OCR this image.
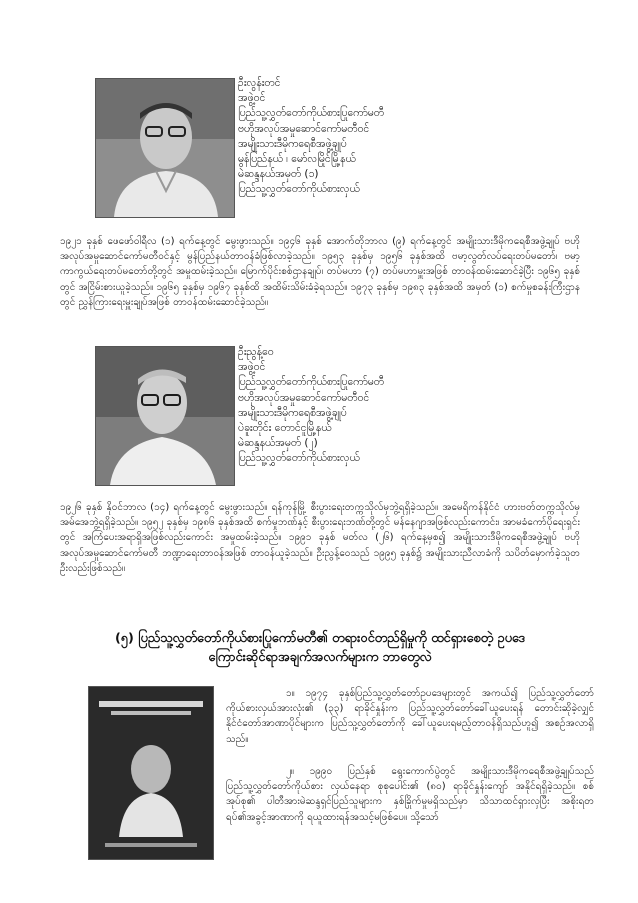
ဦးလွန်းတင်
အဖွဲ့ဝင်
ပြည်သူ့လွှတ်တော်ကိုယ်စားပြုကော်မတီ
ဗဟိုအလုပ်အမှုဆောင်ကော်မတီဝင်
အမျိုးသားဒီမိုကရေစီအဖွဲ့ချုပ်
မွန်ပြည်နယ် ၊ မော်လမြိုင်မြို့နယ်
မဲဆန္ဒနယ်အမှတ် (၁)
ပြည်သူ့လွှတ်တော်ကိုယ်စားလှယ်
၁၉၂၁ ခုနှစ် ဖေဖော်ဝါရီလ (၁) ရက်နေ့တွင် မွေးဖွားသည်။ ၁၉၄၆ ခုနှစ် အောက်တိုဘာလ (၉) ရက်နေ့တွင် အမျိုးသားဒီမိုကရေစီအဖွဲ့ချုပ် ဗဟိုအလုပ်အမှုဆောင်ကော်မတီဝင်နှင့် မွန်ပြည်နယ်တာဝန်ခံဖြစ်လာခဲ့သည်။ ၁၉၅၃ ခုနှစ်မှ ၁၉၅၆ ခုနှစ်အထိ ဗမာ့လွတ်လပ်ရေးတပ်မတော်၊ ဗမာ့ကာကွယ်ရေးတပ်မတော်တို့တွင် အမှုထမ်းခဲ့သည်။ မြောက်ပိုင်းစစ်ဌာနချုပ်၊ တပ်မဟာ (၇) တပ်မဟာမှူးအဖြစ် တာဝန်ထမ်းဆောင်ခဲ့ပြီး ၁၉၆၅ ခုနှစ်တွင် အငြိမ်းစားယူခဲ့သည်။ ၁၉၆၅ ခုနှစ်မှ ၁၉၆၇ ခုနှစ်ထိ အထိမ်းသိမ်းခံခဲ့ရသည်။ ၁၉၇၃ ခုနှစ်မှ ၁၉၈၃ ခုနှစ်အထိ အမှတ် (၁) စက်မှုစခန်းကြီးဌာနတွင် ညွှန်ကြားရေးမှူးချုပ်အဖြစ် တာဝန်ထမ်းဆောင်ခဲ့သည်။
ဦးညွန့်ဝေ
အဖွဲ့ဝင်
ပြည်သူ့လွှတ်တော်ကိုယ်စားပြုကော်မတီ
ဗဟိုအလုပ်အမှုဆောင်ကော်မတီဝင်
အမျိုးသားဒီမိုကရေစီအဖွဲ့ချုပ်
ပဲခူးတိုင်း တောင်ငူမြို့နယ်
မဲဆန္ဒနယ်အမှတ် (၂)
ပြည်သူ့လွှတ်တော်ကိုယ်စားလှယ်
၁၉၂၆ ခုနှစ် နိုဝင်ဘာလ (၁၄) ရက်နေ့တွင် မွေးဖွားသည်။ ရန်ကုန်မြို့ စီးပွားရေးတက္ကသိုလ်မှဘွဲ့ရရှိခဲ့သည်။ အမေရိကန်နိုင်ငံ ဟားဗတ်တက္ကသိုလ်မှ အမ်အေဘွဲ့ရရှိခဲ့သည်။ ၁၉၅၂ ခုနှစ်မှ ၁၉၈၆ ခုနှစ်အထိ စက်မှုဘဏ်နှင့် စီးပွားရေးဘဏ်တို့တွင် မန်နေဂျာအဖြစ်လည်းကောင်း၊ အာမခံကော်ပိုရေးရှင်းတွင် အကြံပေးအရာရှိအဖြစ်လည်းကောင်း အမှုထမ်းခဲ့သည်။ ၁၉၉၁ ခုနှစ် မတ်လ (၂၆) ရက်နေ့မှစ၍ အမျိုးသားဒီမိုကရေစီအဖွဲ့ချုပ် ဗဟိုအလုပ်အမှုဆောင်ကော်မတီ ဘဏ္ဍာရေးတာဝန်အဖြစ် တာဝန်ယူခဲ့သည်။ ဦးညွန့်ဝေသည် ၁၉၉၅ ခုနှစ်၌ အမျိုးသားညီလာခံကို သပိတ်မှောက်ခဲ့သူတဦးလည်းဖြစ်သည်။
(၅) ပြည်သူ့လွှတ်တော်ကိုယ်စားပြုကော်မတီ၏ တရားဝင်တည်ရှိမှုကို ထင်ရှားစေတဲ့ ဥပဒေ
ကြောင်းဆိုင်ရာအချက်အလက်များက ဘာတွေလဲ
၁။ ၁၉၇၄ ခုနှစ်ပြည်သူ့လွှတ်တော်ဥပဒေများတွင် အကယ်၍ ပြည်သူ့လွှတ်တော်ကိုယ်စားလှယ်အားလုံး၏ (၃၃) ရာခိုင်နှုန်းက ပြည်သူ့လွှတ်တော်ခေါ်ယူပေးရန် တောင်းဆိုခဲ့လျှင် နိုင်ငံတော်အာဏာပိုင်များက ပြည်သူ့လွှတ်တော်ကို ခေါ်ယူပေးရမည့်တာဝန်ရှိသည်ဟူ၍ အစဉ်အလာရှိသည်။
၂။ ၁၉၉၀ ပြည်နှစ် ရွေးကောက်ပွဲတွင် အမျိုးသားဒီမိုကရေစီအဖွဲ့ချုပ်သည် ပြည်သူ့လွှတ်တော်ကိုယ်စား လှယ်နေရာ စုစုပေါင်း၏ (၈၀) ရာခိုင်နှုန်းကျော် အနိုင်ရရှိခဲ့သည်။ စစ်အုပ်စု၏ ပါတီအားမဲဆန္ဒရှင်ပြည်သူများက နှစ်ခြိုက်မှုမရှိသည်မှာ သိသာထင်ရှားလှပြီး အစိုးရတရပ်၏အခွင့်အာဏာကို ရယူထားရန်အသင့်မဖြစ်ပေ။ သို့သော်
